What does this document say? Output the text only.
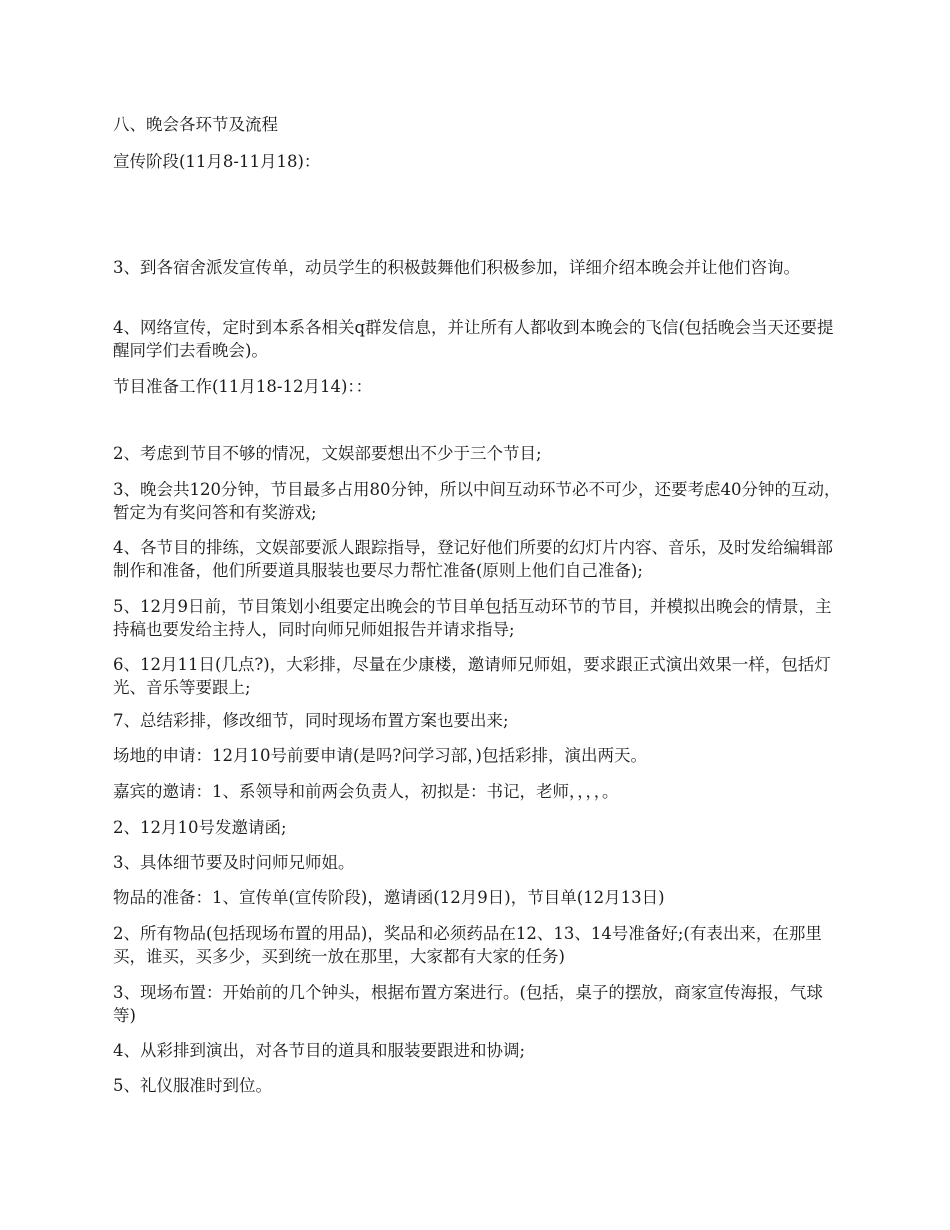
八、晚会各环节及流程

宣传阶段(11月8-11月18)：

3、到各宿舍派发宣传单，动员学生的积极鼓舞他们积极参加，详细介绍本晚会并让他们咨询。

4、网络宣传，定时到本系各相关q群发信息，并让所有人都收到本晚会的飞信(包括晚会当天还要提醒同学们去看晚会)。

节目准备工作(11月18-12月14)：：

2、考虑到节目不够的情况，文娱部要想出不少于三个节目;

3、晚会共120分钟，节目最多占用80分钟，所以中间互动环节必不可少，还要考虑40分钟的互动，暂定为有奖问答和有奖游戏;

4、各节目的排练，文娱部要派人跟踪指导，登记好他们所要的幻灯片内容、音乐，及时发给编辑部制作和准备，他们所要道具服装也要尽力帮忙准备(原则上他们自己准备);

5、12月9日前，节目策划小组要定出晚会的节目单包括互动环节的节目，并模拟出晚会的情景，主持稿也要发给主持人，同时向师兄师姐报告并请求指导;

6、12月11日(几点?)，大彩排，尽量在少康楼，邀请师兄师姐，要求跟正式演出效果一样，包括灯光、音乐等要跟上;

7、总结彩排，修改细节，同时现场布置方案也要出来;

场地的申请：12月10号前要申请(是吗?问学习部，)包括彩排，演出两天。

嘉宾的邀请：1、系领导和前两会负责人，初拟是：书记，老师，，，，。

2、12月10号发邀请函;

3、具体细节要及时问师兄师姐。

物品的准备：1、宣传单(宣传阶段)，邀请函(12月9日)，节目单(12月13日)

2、所有物品(包括现场布置的用品)，奖品和必须药品在12、13、14号准备好;(有表出来，在那里买，谁买，买多少，买到统一放在那里，大家都有大家的任务)

3、现场布置：开始前的几个钟头，根据布置方案进行。(包括，桌子的摆放，商家宣传海报，气球等)

4、从彩排到演出，对各节目的道具和服装要跟进和协调;

5、礼仪服准时到位。
